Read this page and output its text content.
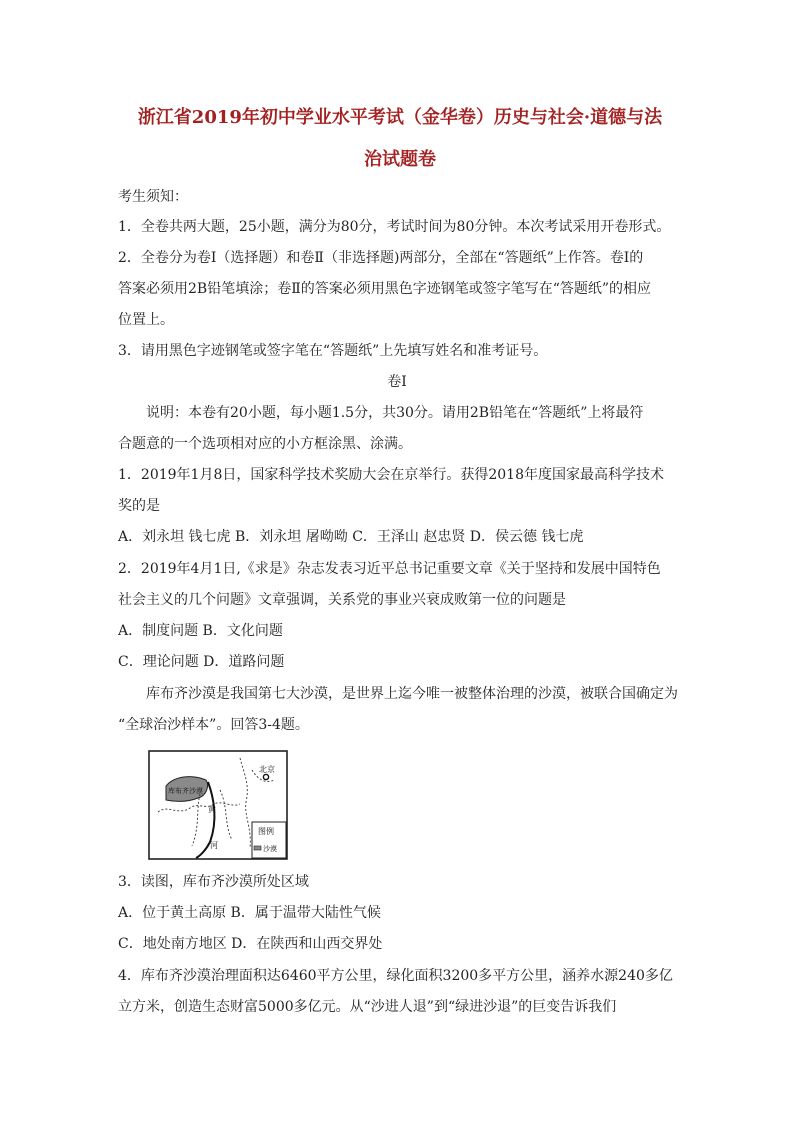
浙江省2019年初中学业水平考试（金华卷）历史与社会·道德与法
治试题卷
考生须知：
1．全卷共两大题，25小题，满分为80分，考试时间为80分钟。本次考试采用开卷形式。
2．全卷分为卷Ⅰ（选择题）和卷Ⅱ（非选择题)两部分，全部在“答题纸”上作答。卷Ⅰ的
答案必须用2B铅笔填涂；卷Ⅱ的答案必须用黑色字迹钢笔或签字笔写在“答题纸”的相应
位置上。
3．请用黑色字迹钢笔或签字笔在“答题纸”上先填写姓名和准考证号。
卷Ⅰ
说明：本卷有20小题，每小题1.5分，共30分。请用2B铅笔在“答题纸”上将最符
合题意的一个选项相对应的小方框涂黑、涂满。
1．2019年1月8日，国家科学技术奖励大会在京举行。获得2018年度国家最高科学技术
奖的是
A．刘永坦 钱七虎 B．刘永坦 屠呦呦 C．王泽山 赵忠贤 D．侯云德 钱七虎
2．2019年4月1日,《求是》杂志发表习近平总书记重要文章《关于坚持和发展中国特色
社会主义的几个问题》文章强调，关系党的事业兴衰成败第一位的问题是
A．制度问题 B．文化问题
C．理论问题 D．道路问题
库布齐沙漠是我国第七大沙漠，是世界上迄今唯一被整体治理的沙漠，被联合国确定为
“全球治沙样本”。回答3-4题。
库布齐沙漠
北京
黄
河
图例
沙漠
3．读图，库布齐沙漠所处区域
A．位于黄土高原 B．属于温带大陆性气候
C．地处南方地区 D．在陕西和山西交界处
4．库布齐沙漠治理面积达6460平方公里，绿化面积3200多平方公里，涵养水源240多亿
立方米，创造生态财富5000多亿元。从“沙进人退”到“绿进沙退”的巨变告诉我们
